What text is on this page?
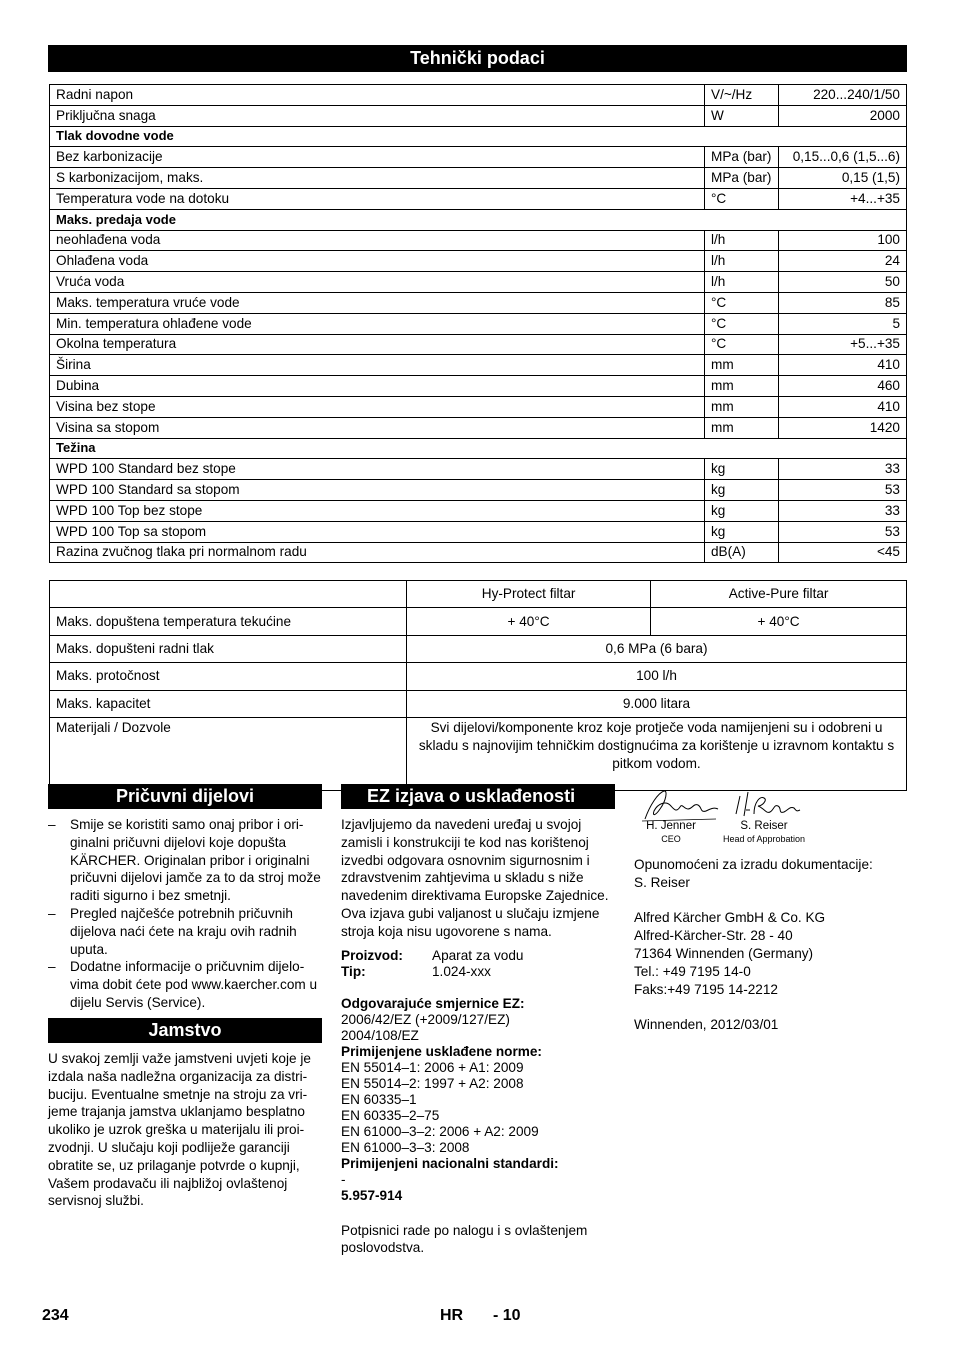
Tehnički podaci
Radni napon	V/~/Hz	220...240/1/50
Priključna snaga	W	2000
Tlak dovodne vode		
Bez karbonizacije	MPa (bar)	0,15...0,6 (1,5...6)
S karbonizacijom, maks.	MPa (bar)	0,15 (1,5)
Temperatura vode na dotoku	°C	+4...+35
Maks. predaja vode		
neohlađena voda	l/h	100
Ohlađena voda	l/h	24
Vruća voda	l/h	50
Maks. temperatura vruće vode	°C	85
Min. temperatura ohlađene vode	°C	5
Okolna temperatura	°C	+5...+35
Širina	mm	410
Dubina	mm	460
Visina bez stope	mm	410
Visina sa stopom	mm	1420
Težina		
WPD 100 Standard bez stope	kg	33
WPD 100 Standard sa stopom	kg	53
WPD 100 Top bez stope	kg	33
WPD 100 Top sa stopom	kg	53
Razina zvučnog tlaka pri normalnom radu	dB(A)	<45
	Hy-Protect filtar	Active-Pure filtar
Maks. dopuštena temperatura tekućine	+ 40°C	+ 40°C
Maks. dopušteni radni tlak	0,6 MPa (6 bara)	
Maks. protočnost	100 l/h	
Maks. kapacitet	9.000 litara	
Materijali / Dozvole	Svi dijelovi/komponente kroz koje protječe voda namijenjeni su i odobreni u skladu s najnovijim tehničkim dostignućima za korištenje u izravnom kontaktu s pitkom vodom.	
Pričuvni dijelovi
– Smije se koristiti samo onaj pribor i originalni pričuvni dijelovi koje dopušta KÄRCHER. Originalan pribor i originalni pričuvni dijelovi jamče za to da stroj može raditi sigurno i bez smetnji.
– Pregled najčešće potrebnih pričuvnih dijelova naći ćete na kraju ovih radnih uputa.
– Dodatne informacije o pričuvnim dijelovima dobit ćete pod www.kaercher.com u dijelu Servis (Service).
Jamstvo
U svakoj zemlji važe jamstveni uvjeti koje je izdala naša nadležna organizacija za distribuciju. Eventualne smetnje na stroju za vrijeme trajanja jamstva uklanjamo besplatno ukoliko je uzrok greška u materijalu ili proizvodnji. U slučaju koji podliježe garanciji obratite se, uz prilaganje potvrde o kupnji, Vašem prodavaču ili najbližoj ovlaštenoj servisnoj službi.
EZ izjava o usklađenosti
Izjavljujemo da navedeni uređaj u svojoj zamisli i konstrukciji te kod nas korištenoj izvedbi odgovara osnovnim sigurnosnim i zdravstvenim zahtjevima u skladu s niže navedenim direktivama Europske Zajednice. Ova izjava gubi valjanost u slučaju izmjene stroja koja nisu ugovorene s nama.
Proizvod:	Aparat za vodu
Tip:	1.024-xxx
Odgovarajuće smjernice EZ:
2006/42/EZ (+2009/127/EZ)
2004/108/EZ
Primijenjene usklađene norme:
EN 55014–1: 2006 + A1: 2009
EN 55014–2: 1997 + A2: 2008
EN 60335–1
EN 60335–2–75
EN 61000–3–2: 2006 + A2: 2009
EN 61000–3–3: 2008
Primijenjeni nacionalni standardi:
-
5.957-914
Potpisnici rade po nalogu i s ovlaštenjem poslovodstva.
H. Jenner
CEO
S. Reiser
Head of Approbation
Opunomoćeni za izradu dokumentacije:
S. Reiser
Alfred Kärcher GmbH & Co. KG
Alfred-Kärcher-Str. 28 - 40
71364 Winnenden (Germany)
Tel.: +49 7195 14-0
Faks:+49 7195 14-2212
Winnenden, 2012/03/01
234	HR - 10
